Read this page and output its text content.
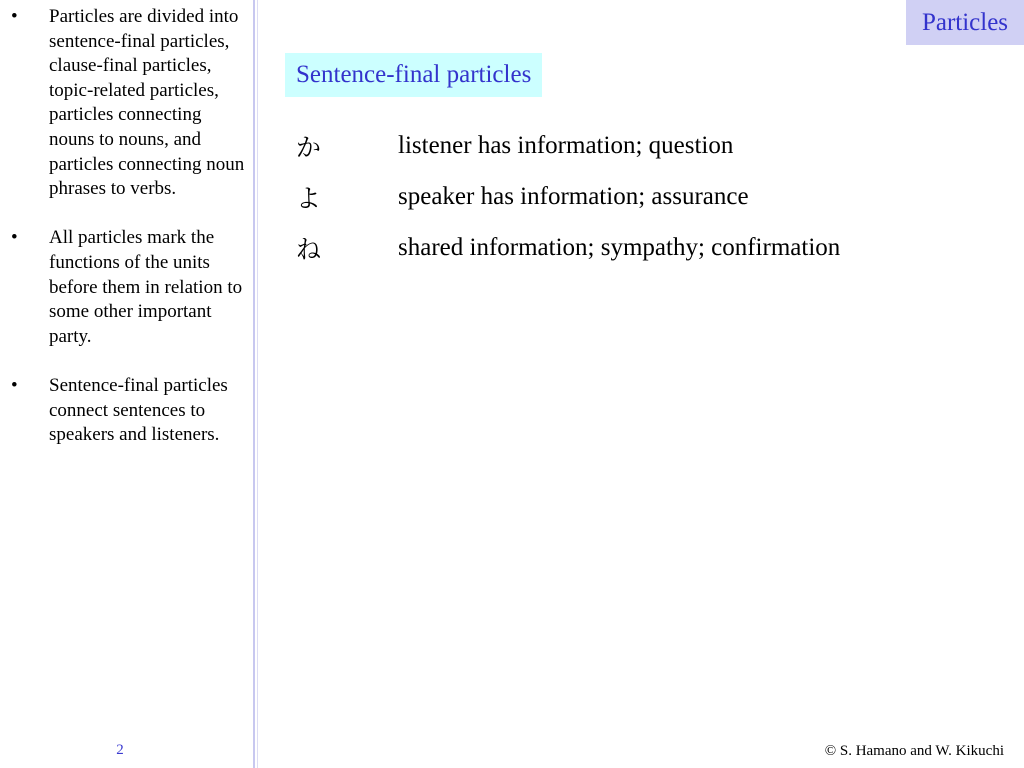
• Particles are divided into sentence-final particles, clause-final particles, topic-related particles, particles connecting nouns to nouns, and particles connecting noun phrases to verbs.
• All particles mark the functions of the units before them in relation to some other important party.
• Sentence-final particles connect sentences to speakers and listeners.
2
Particles
Sentence-final particles
か	listener has information; question
よ	speaker has information; assurance
ね	shared information; sympathy; confirmation
© S. Hamano and W. Kikuchi
